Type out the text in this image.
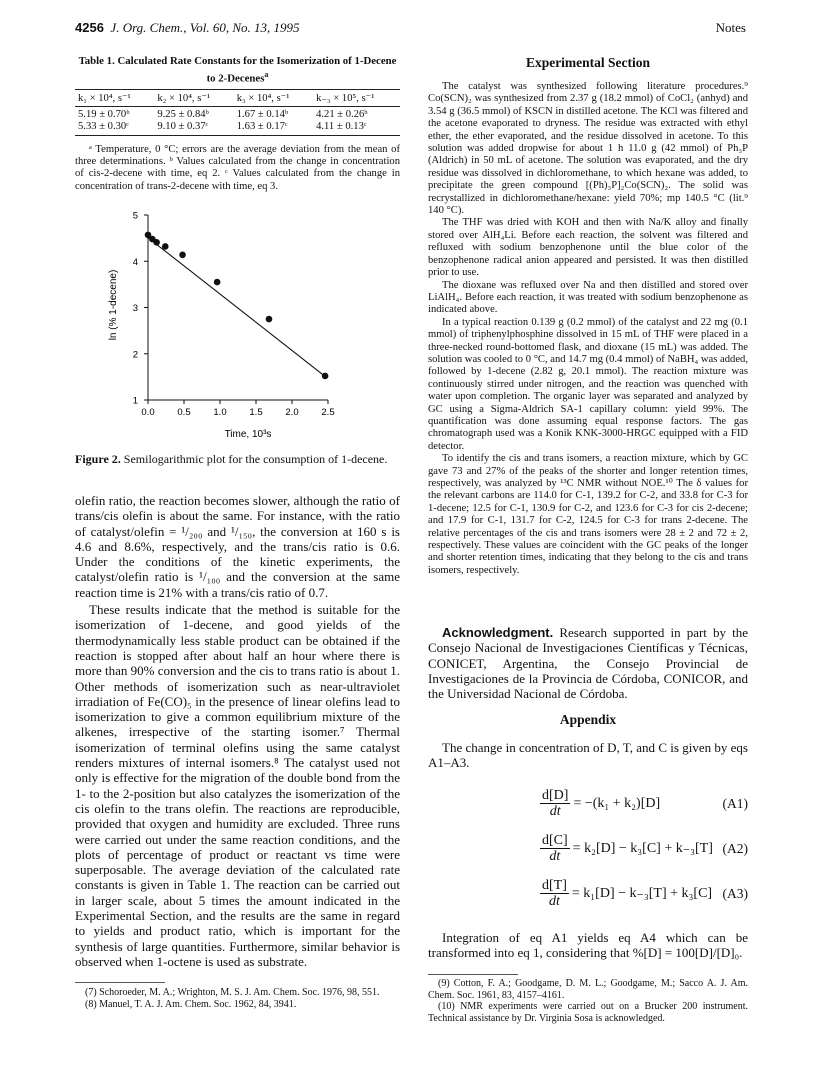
4256 J. Org. Chem., Vol. 60, No. 13, 1995	Notes
Table 1. Calculated Rate Constants for the Isomerization of 1-Decene to 2-Decenes$^a$
k₁ × 10⁴, s⁻¹	k₂ × 10⁴, s⁻¹	k₃ × 10⁴, s⁻¹	k₋₃ × 10⁵, s⁻¹
5.19 ± 0.70ᵇ	9.25 ± 0.84ᵇ	1.67 ± 0.14ᵇ	4.21 ± 0.26ᵇ
5.33 ± 0.30ᶜ	9.10 ± 0.37ᶜ	1.63 ± 0.17ᶜ	4.11 ± 0.13ᶜ

ᵃ Temperature, 0 °C; errors are the average deviation from the mean of three determinations. ᵇ Values calculated from the change in concentration of cis-2-decene with time, eq 2. ᶜ Values calculated from the change in concentration of trans-2-decene with time, eq 3.

1
2
3
4
5
0.0 0.5 1.0 1.5 2.0 2.5
ln (% 1-decene)
Time, 10³s
Figure 2. Semilogarithmic plot for the consumption of 1-decene.

olefin ratio, the reaction becomes slower, although the ratio of trans/cis olefin is about the same. For instance, with the ratio of catalyst/olefin = ¹/₂₀₀ and ¹/₁₅₀, the conversion at 160 s is 4.6 and 8.6%, respectively, and the trans/cis ratio is 0.6. Under the conditions of the kinetic experiments, the catalyst/olefin ratio is ¹/₁₀₀ and the conversion at the same reaction time is 21% with a trans/cis ratio of 0.7.

These results indicate that the method is suitable for the isomerization of 1-decene, and good yields of the thermodynamically less stable product can be obtained if the reaction is stopped after about half an hour where there is more than 90% conversion and the cis to trans ratio is about 1. Other methods of isomerization such as near-ultraviolet irradiation of Fe(CO)₅ in the presence of linear olefins lead to isomerization to give a common equilibrium mixture of the alkenes, irrespective of the starting isomer.⁷ Thermal isomerization of terminal olefins using the same catalyst renders mixtures of internal isomers.⁸ The catalyst used not only is effective for the migration of the double bond from the 1- to the 2-position but also catalyzes the isomerization of the cis olefin to the trans olefin. The reactions are reproducible, provided that oxygen and humidity are excluded. Three runs were carried out under the same reaction conditions, and the plots of percentage of product or reactant vs time were superposable. The average deviation of the calculated rate constants is given in Table 1. The reaction can be carried out in larger scale, about 5 times the amount indicated in the Experimental Section, and the results are the same in regard to yields and product ratio, which is important for the synthesis of large quantities. Furthermore, similar behavior is observed when 1-octene is used as substrate.

(7) Schoroeder, M. A.; Wrighton, M. S. J. Am. Chem. Soc. 1976, 98, 551.

(8) Manuel, T. A. J. Am. Chem. Soc. 1962, 84, 3941.

Experimental Section

The catalyst was synthesized following literature procedures.⁹ Co(SCN)₂ was synthesized from 2.37 g (18.2 mmol) of CoCl₂ (anhyd) and 3.54 g (36.5 mmol) of KSCN in distilled acetone. The KCl was filtered and the acetone evaporated to dryness. The residue was extracted with ethyl ether, the ether evaporated, and the residue dissolved in acetone. To this solution was added dropwise for about 1 h 11.0 g (42 mmol) of Ph₃P (Aldrich) in 50 mL of acetone. The solution was evaporated, and the dry residue was dissolved in dichloromethane, to which hexane was added, to precipitate the green compound [(Ph)₃P]₂Co(SCN)₂. The solid was recrystallized in dichloromethane/hexane: yield 70%; mp 140.5 °C (lit.⁹ 140 °C).

The THF was dried with KOH and then with Na/K alloy and finally stored over AlH₄Li. Before each reaction, the solvent was filtered and refluxed with sodium benzophenone until the blue color of the benzophenone radical anion appeared and persisted. It was then distilled prior to use.

The dioxane was refluxed over Na and then distilled and stored over LiAlH₄. Before each reaction, it was treated with sodium benzophenone as indicated above.

In a typical reaction 0.139 g (0.2 mmol) of the catalyst and 22 mg (0.1 mmol) of triphenylphosphine dissolved in 15 mL of THF were placed in a three-necked round-bottomed flask, and dioxane (15 mL) was added. The solution was cooled to 0 °C, and 14.7 mg (0.4 mmol) of NaBH₄ was added, followed by 1-decene (2.82 g, 20.1 mmol). The reaction mixture was continuously stirred under nitrogen, and the reaction was quenched with water upon completion. The organic layer was separated and analyzed by GC using a Sigma-Aldrich SA-1 capillary column: yield 99%. The quantification was done assuming equal response factors. The gas chromatograph used was a Konik KNK-3000-HRGC equipped with a FID detector.

To identify the cis and trans isomers, a reaction mixture, which by GC gave 73 and 27% of the peaks of the shorter and longer retention times, respectively, was analyzed by ¹³C NMR without NOE.¹⁰ The δ values for the relevant carbons are 114.0 for C-1, 139.2 for C-2, and 33.8 for C-3 for 1-decene; 12.5 for C-1, 130.9 for C-2, and 123.6 for C-3 for cis 2-decene; and 17.9 for C-1, 131.7 for C-2, 124.5 for C-3 for trans 2-decene. The relative percentages of the cis and trans isomers were 28 ± 2 and 72 ± 2, respectively. These values are coincident with the GC peaks of the longer and shorter retention times, indicating that they belong to the cis and trans isomers, respectively.

Acknowledgment. Research supported in part by the Consejo Nacional de Investigaciones Científicas y Técnicas, CONICET, Argentina, the Consejo Provincial de Investigaciones de la Provincia de Córdoba, CONICOR, and the Universidad Nacional de Córdoba.

Appendix

The change in concentration of D, T, and C is given by eqs A1–A3.

$\frac{d[D]}{dt} = -(k_1 + k_2)[D]$	(A1)
$\frac{d[C]}{dt} = k_2[D] - k_3[C] + k_{-3}[T]$ (A2)
$\frac{d[T]}{dt} = k_1[D] - k_{-3}[T] + k_3[C]$ (A3)

Integration of eq A1 yields eq A4 which can be transformed into eq 1, considering that %[D] = 100[D]/[D]₀.

(9) Cotton, F. A.; Goodgame, D. M. L.; Goodgame, M.; Sacco A. J. Am. Chem. Soc. 1961, 83, 4157–4161.

(10) NMR experiments were carried out on a Brucker 200 instrument. Technical assistance by Dr. Virginia Sosa is acknowledged.
